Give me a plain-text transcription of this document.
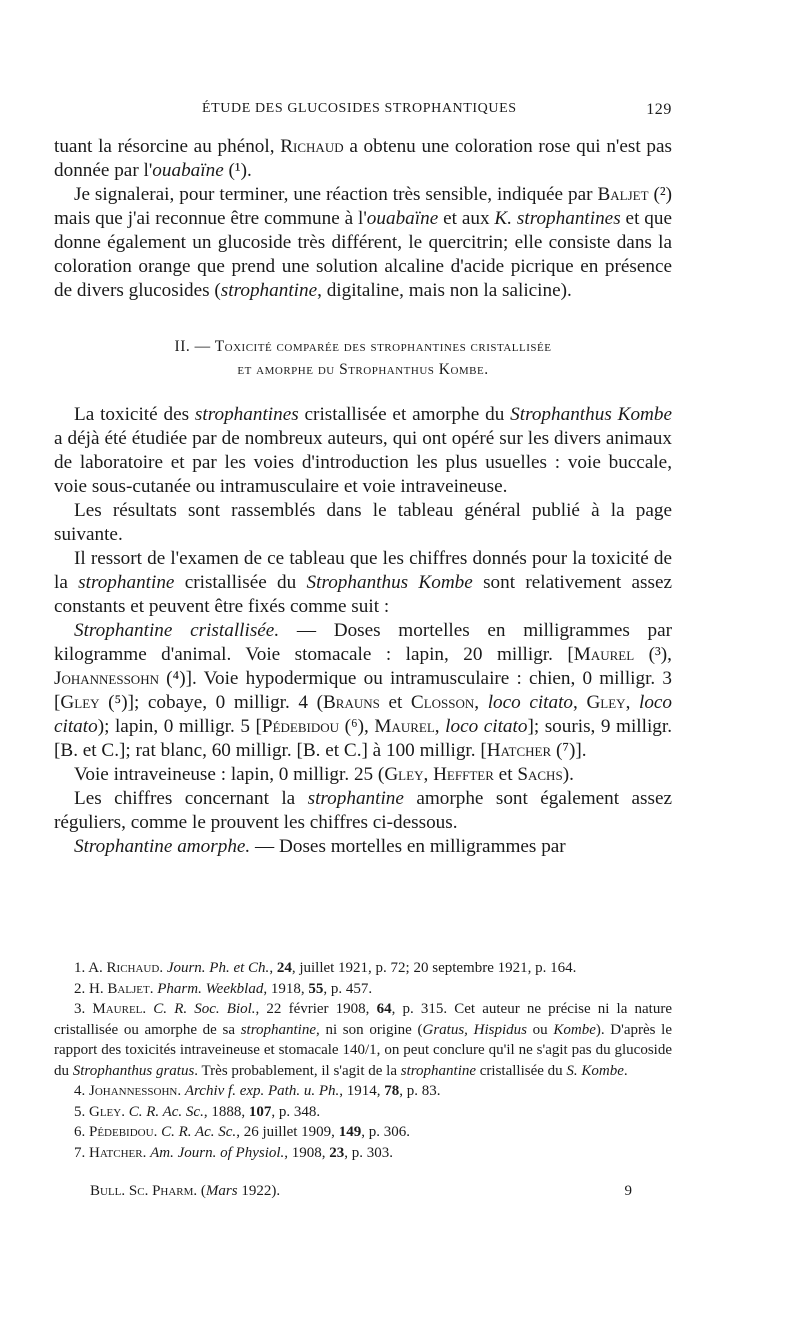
ÉTUDE DES GLUCOSIDES STROPHANTIQUES	129

tuant la résorcine au phénol, Richaud a obtenu une coloration rose qui n'est pas donnée par l'ouabaïne (¹).

Je signalerai, pour terminer, une réaction très sensible, indiquée par Baljet (²) mais que j'ai reconnue être commune à l'ouabaïne et aux K. strophantines et que donne également un glucoside très différent, le quercitrin; elle consiste dans la coloration orange que prend une solution alcaline d'acide picrique en présence de divers glucosides (strophantine, digitaline, mais non la salicine).

II. — Toxicité comparée des strophantines cristallisée
et amorphe du Strophanthus Kombe.

La toxicité des strophantines cristallisée et amorphe du Strophanthus Kombe a déjà été étudiée par de nombreux auteurs, qui ont opéré sur les divers animaux de laboratoire et par les voies d'introduction les plus usuelles : voie buccale, voie sous-cutanée ou intramusculaire et voie intraveineuse.

Les résultats sont rassemblés dans le tableau général publié à la page suivante.

Il ressort de l'examen de ce tableau que les chiffres donnés pour la toxicité de la strophantine cristallisée du Strophanthus Kombe sont relativement assez constants et peuvent être fixés comme suit :

Strophantine cristallisée. — Doses mortelles en milligrammes par kilogramme d'animal. Voie stomacale : lapin, 20 milligr. [Maurel (³), Johannessohn (⁴)]. Voie hypodermique ou intramusculaire : chien, 0 milligr. 3 [Gley (⁵)]; cobaye, 0 milligr. 4 (Brauns et Closson, loco citato, Gley, loco citato); lapin, 0 milligr. 5 [Pédebidou (⁶), Maurel, loco citato]; souris, 9 milligr. [B. et C.]; rat blanc, 60 milligr. [B. et C.] à 100 milligr. [Hatcher (⁷)].

Voie intraveineuse : lapin, 0 milligr. 25 (Gley, Heffter et Sachs).

Les chiffres concernant la strophantine amorphe sont également assez réguliers, comme le prouvent les chiffres ci-dessous.

Strophantine amorphe. — Doses mortelles en milligrammes par

1. A. Richaud. Journ. Ph. et Ch., 24, juillet 1921, p. 72; 20 septembre 1921, p. 164.

2. H. Baljet. Pharm. Weekblad, 1918, 55, p. 457.

3. Maurel. C. R. Soc. Biol., 22 février 1908, 64, p. 315. Cet auteur ne précise ni la nature cristallisée ou amorphe de sa strophantine, ni son origine (Gratus, Hispidus ou Kombe). D'après le rapport des toxicités intraveineuse et stomacale 140/1, on peut conclure qu'il ne s'agit pas du glucoside du Strophanthus gratus. Très probablement, il s'agit de la strophantine cristallisée du S. Kombe.

4. Johannessohn. Archiv f. exp. Path. u. Ph., 1914, 78, p. 83.

5. Gley. C. R. Ac. Sc., 1888, 107, p. 348.

6. Pédebidou. C. R. Ac. Sc., 26 juillet 1909, 149, p. 306.

7. Hatcher. Am. Journ. of Physiol., 1908, 23, p. 303.

Bull. Sc. Pharm. (Mars 1922).	9
